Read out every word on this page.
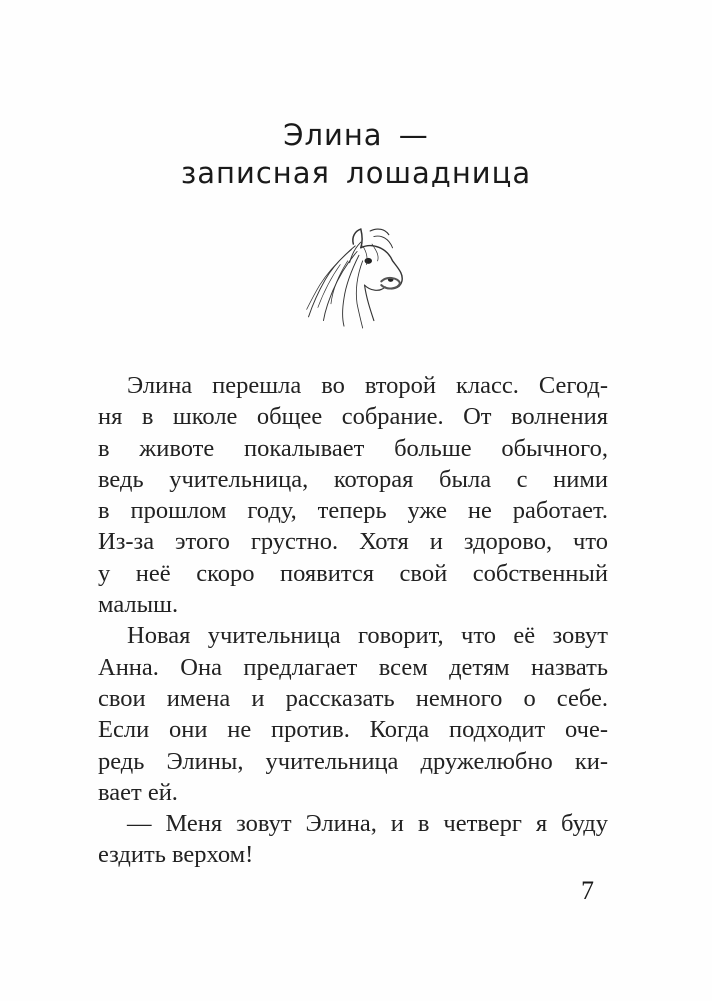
Элина —
записная лошадница
Элина перешла во второй класс. Сегод-
ня в школе общее собрание. От волнения
в животе покалывает больше обычного,
ведь учительница, которая была с ними
в прошлом году, теперь уже не работает.
Из-за этого грустно. Хотя и здорово, что
у неё скоро появится свой собственный
малыш.
Новая учительница говорит, что её зовут
Анна. Она предлагает всем детям назвать
свои имена и рассказать немного о себе.
Если они не против. Когда подходит оче-
редь Элины, учительница дружелюбно ки-
вает ей.
— Меня зовут Элина, и в четверг я буду
ездить верхом!
7
